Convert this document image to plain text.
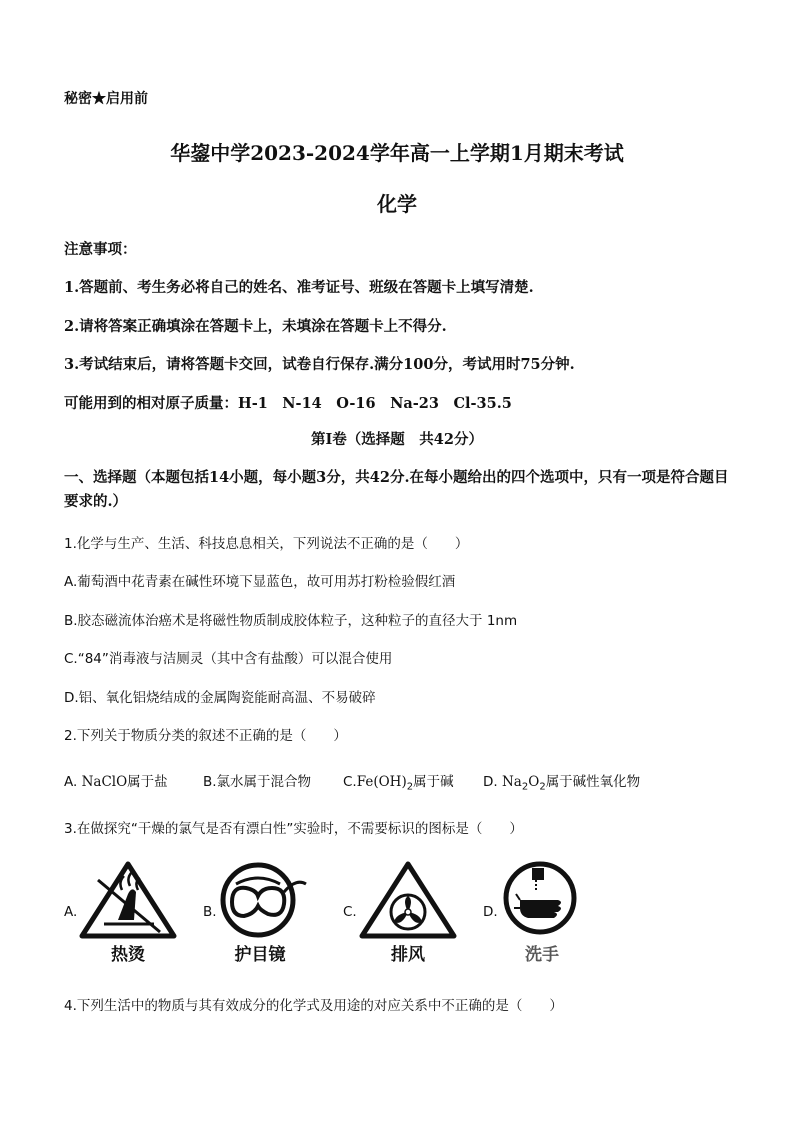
秘密★启用前
华鋆中学2023-2024学年高一上学期1月期末考试
化学
注意事项：
1.答题前、考生务必将自己的姓名、准考证号、班级在答题卡上填写清楚.
2.请将答案正确填涂在答题卡上，未填涂在答题卡上不得分.
3.考试结束后，请将答题卡交回，试卷自行保存.满分100分，考试用时75分钟.
可能用到的相对原子质量：H-1　N-14　O-16　Na-23　Cl-35.5
第Ⅰ卷（选择题　共42分）
一、选择题（本题包括14小题，每小题3分，共42分.在每小题给出的四个选项中，只有一项是符合题目要求的.）
1.化学与生产、生活、科技息息相关，下列说法不正确的是（　　）
A.葡萄酒中花青素在碱性环境下显蓝色，故可用苏打粉检验假红酒
B.胶态磁流体治癌术是将磁性物质制成胶体粒子，这种粒子的直径大于 1nm
C.“84”消毒液与洁厕灵（其中含有盐酸）可以混合使用
D.铝、氧化铝烧结成的金属陶瓷能耐高温、不易破碎
2.下列关于物质分类的叙述不正确的是（　　）
A. NaClO属于盐	B.氯水属于混合物 $C.Fe(OH)_2$属于碱 D. $Na_2O_2$属于碱性氧化物
3.在做探究“干燥的氯气是否有漂白性”实验时，不需要标识的图标是（　　）
A.
热烫
B.
护目镜
C.
排风
D.
洗手
4.下列生活中的物质与其有效成分的化学式及用途的对应关系中不正确的是（　　）
